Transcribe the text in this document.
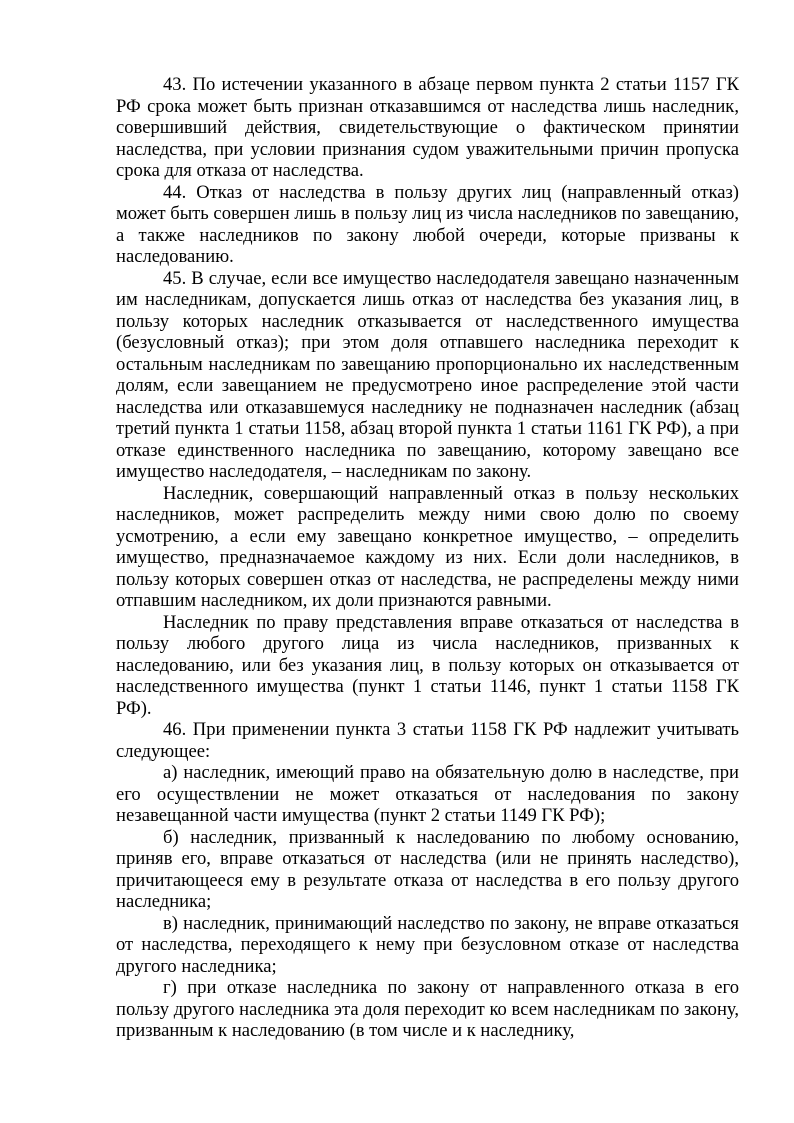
43. По истечении указанного в абзаце первом пункта 2 статьи 1157 ГК РФ срока может быть признан отказавшимся от наследства лишь наследник, совершивший действия, свидетельствующие о фактическом принятии наследства, при условии признания судом уважительными причин пропуска срока для отказа от наследства.

44. Отказ от наследства в пользу других лиц (направленный отказ) может быть совершен лишь в пользу лиц из числа наследников по завещанию, а также наследников по закону любой очереди, которые призваны к наследованию.

45. В случае, если все имущество наследодателя завещано назначенным им наследникам, допускается лишь отказ от наследства без указания лиц, в пользу которых наследник отказывается от наследственного имущества (безусловный отказ); при этом доля отпавшего наследника переходит к остальным наследникам по завещанию пропорционально их наследственным долям, если завещанием не предусмотрено иное распределение этой части наследства или отказавшемуся наследнику не подназначен наследник (абзац третий пункта 1 статьи 1158, абзац второй пункта 1 статьи 1161 ГК РФ), а при отказе единственного наследника по завещанию, которому завещано все имущество наследодателя, – наследникам по закону.

Наследник, совершающий направленный отказ в пользу нескольких наследников, может распределить между ними свою долю по своему усмотрению, а если ему завещано конкретное имущество, – определить имущество, предназначаемое каждому из них. Если доли наследников, в пользу которых совершен отказ от наследства, не распределены между ними отпавшим наследником, их доли признаются равными.

Наследник по праву представления вправе отказаться от наследства в пользу любого другого лица из числа наследников, призванных к наследованию, или без указания лиц, в пользу которых он отказывается от наследственного имущества (пункт 1 статьи 1146, пункт 1 статьи 1158 ГК РФ).

46. При применении пункта 3 статьи 1158 ГК РФ надлежит учитывать следующее:

а) наследник, имеющий право на обязательную долю в наследстве, при его осуществлении не может отказаться от наследования по закону незавещанной части имущества (пункт 2 статьи 1149 ГК РФ);

б) наследник, призванный к наследованию по любому основанию, приняв его, вправе отказаться от наследства (или не принять наследство), причитающееся ему в результате отказа от наследства в его пользу другого наследника;

в) наследник, принимающий наследство по закону, не вправе отказаться от наследства, переходящего к нему при безусловном отказе от наследства другого наследника;

г) при отказе наследника по закону от направленного отказа в его пользу другого наследника эта доля переходит ко всем наследникам по закону, призванным к наследованию (в том числе и к наследнику,
